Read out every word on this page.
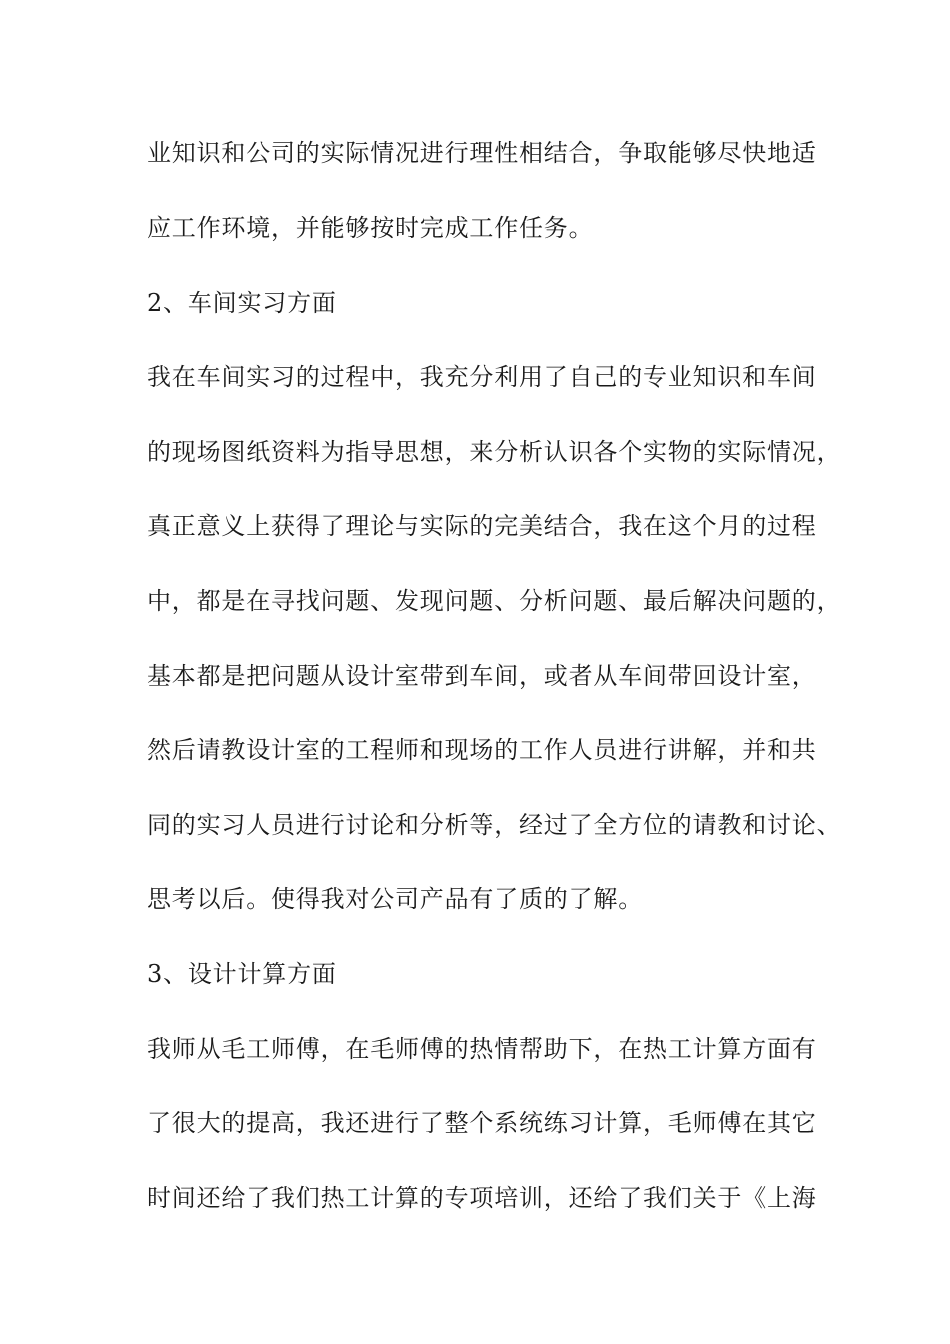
业知识和公司的实际情况进行理性相结合，争取能够尽快地适
应工作环境，并能够按时完成工作任务。
2、车间实习方面
我在车间实习的过程中，我充分利用了自己的专业知识和车间
的现场图纸资料为指导思想，来分析认识各个实物的实际情况，
真正意义上获得了理论与实际的完美结合，我在这个月的过程
中，都是在寻找问题、发现问题、分析问题、最后解决问题的，
基本都是把问题从设计室带到车间，或者从车间带回设计室，
然后请教设计室的工程师和现场的工作人员进行讲解，并和共
同的实习人员进行讨论和分析等，经过了全方位的请教和讨论、
思考以后。使得我对公司产品有了质的了解。
3、设计计算方面
我师从毛工师傅，在毛师傅的热情帮助下，在热工计算方面有
了很大的提高，我还进行了整个系统练习计算，毛师傅在其它
时间还给了我们热工计算的专项培训，还给了我们关于《上海
